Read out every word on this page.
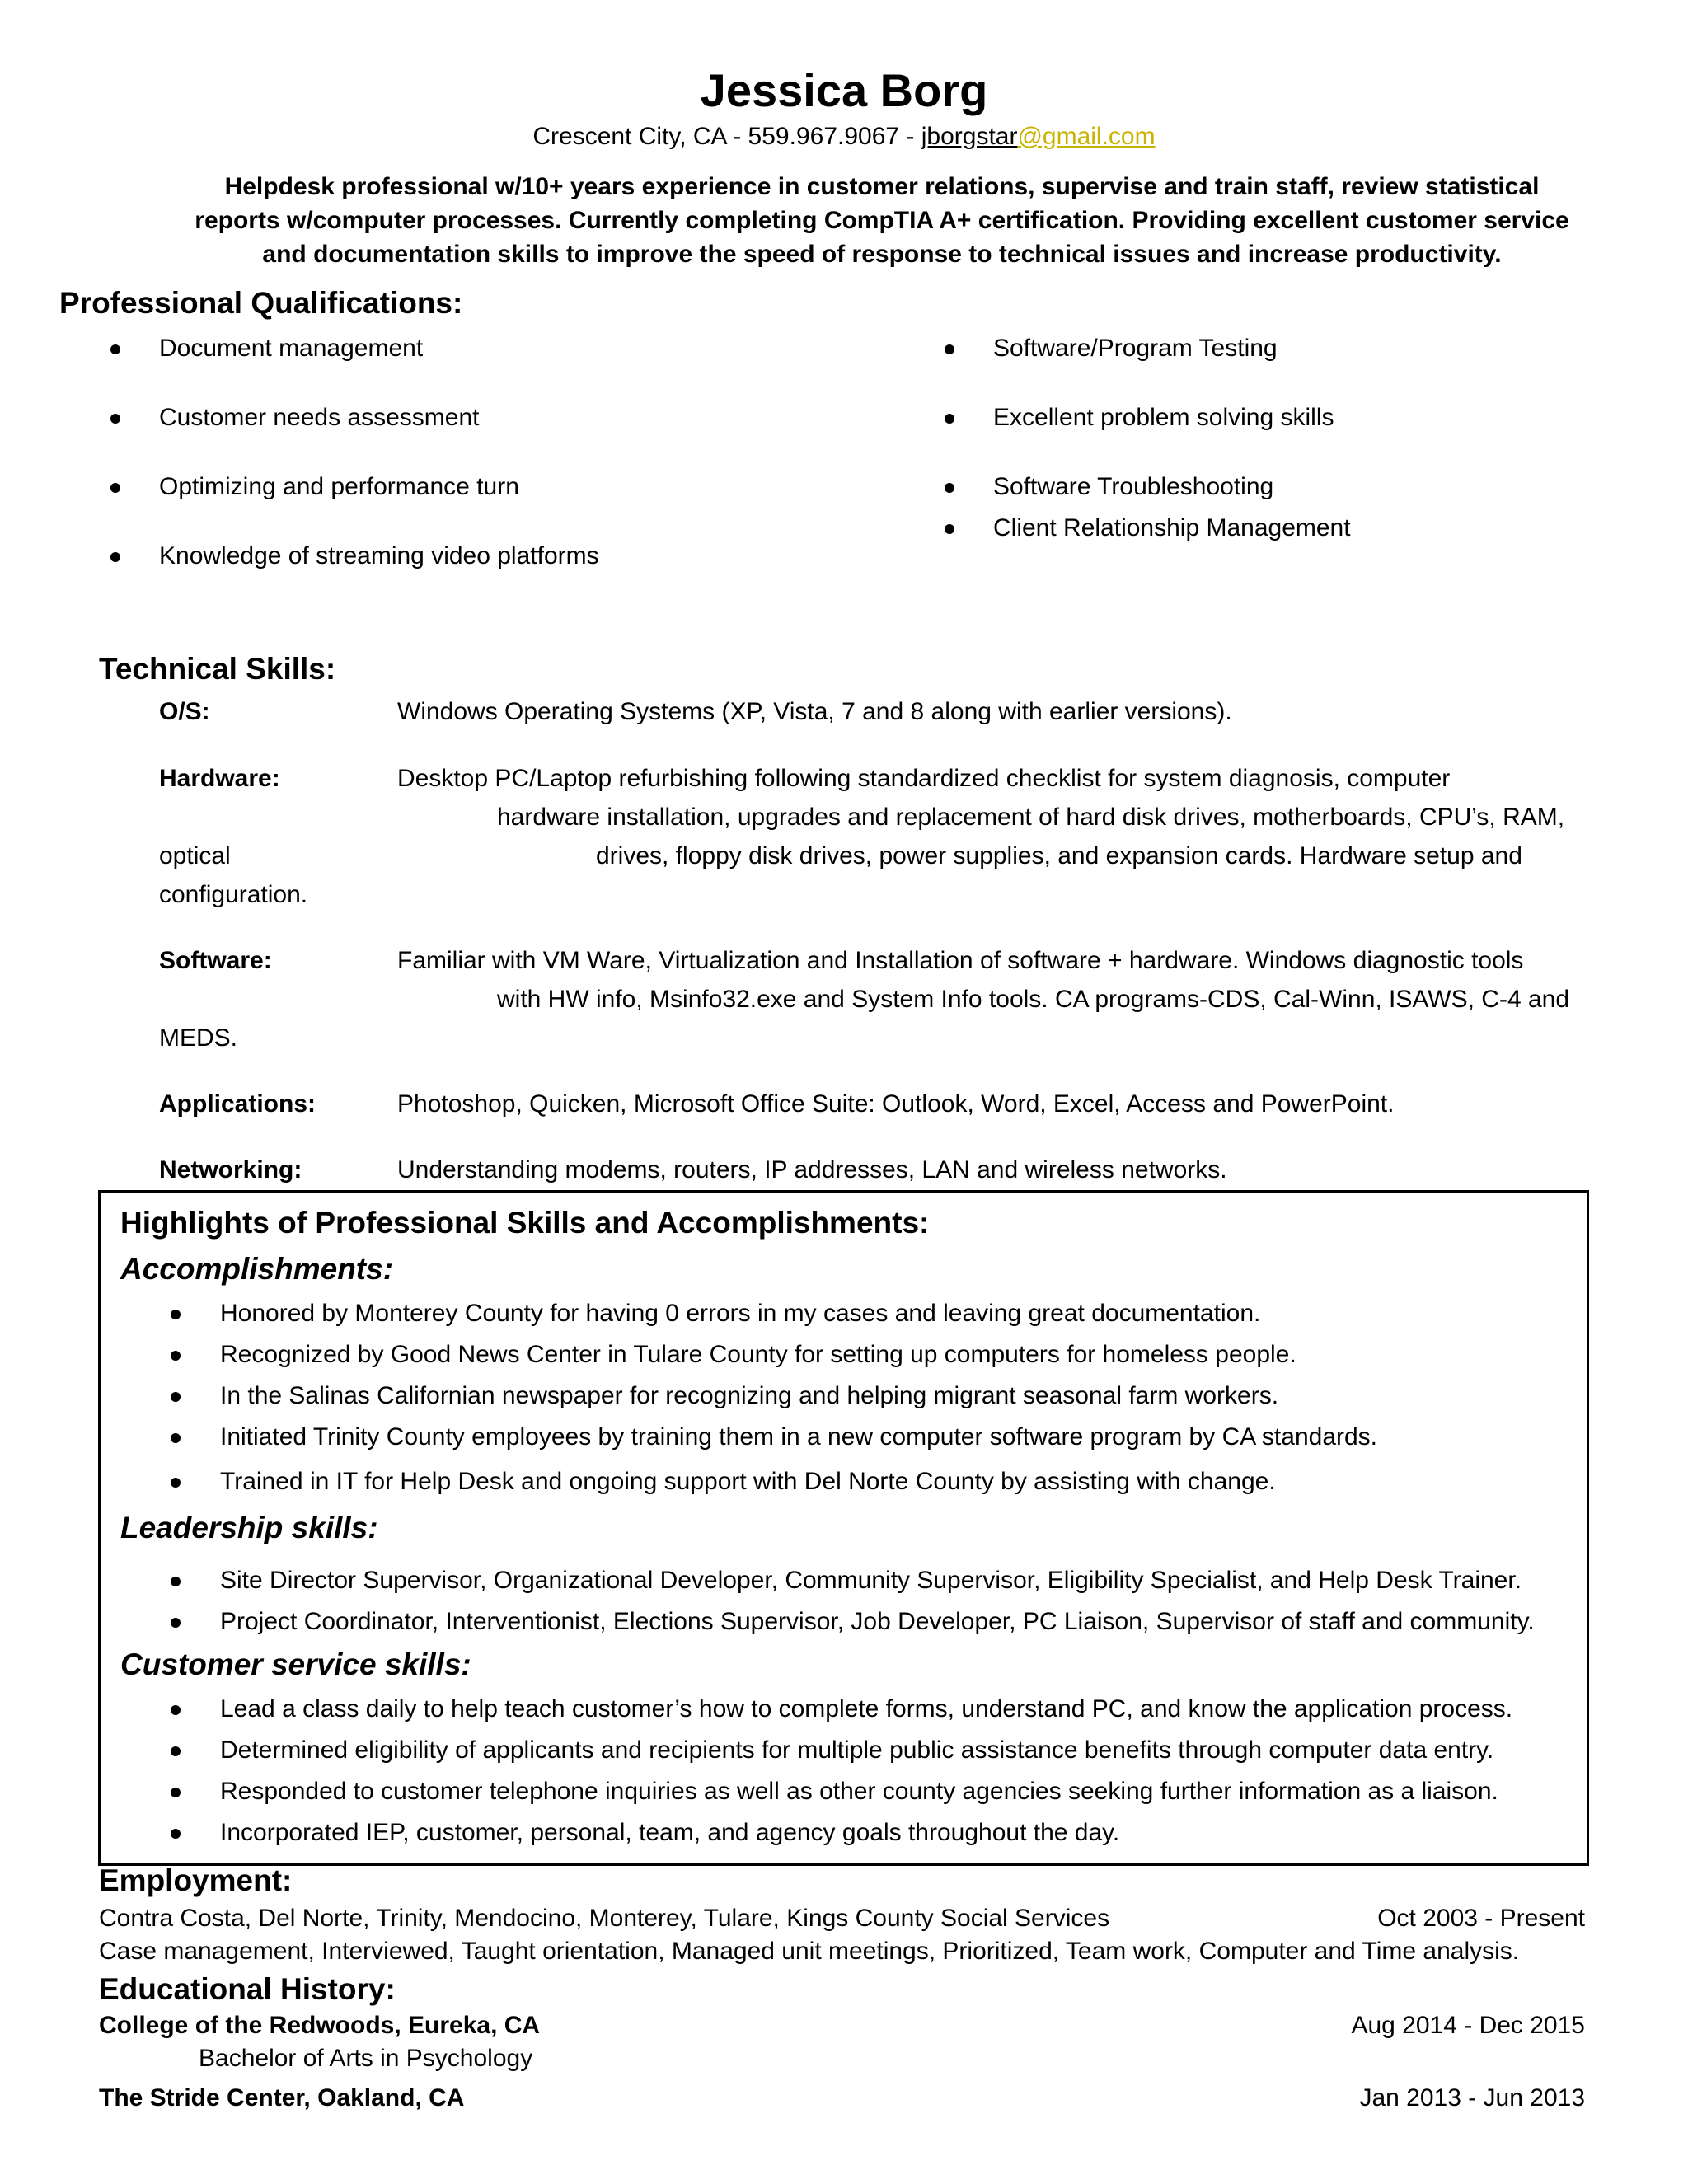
Jessica Borg
Crescent City, CA - 559.967.9067 - jborgstar@gmail.com
Helpdesk professional w/10+ years experience in customer relations, supervise and train staff, review statistical reports w/computer processes. Currently completing CompTIA A+ certification. Providing excellent customer service and documentation skills to improve the speed of response to technical issues and increase productivity.
Professional Qualifications:
Document management
Customer needs assessment
Optimizing and performance turn
Knowledge of streaming video platforms
Software/Program Testing
Excellent problem solving skills
Software Troubleshooting
Client Relationship Management
Technical Skills:
O/S:	Windows Operating Systems (XP, Vista, 7 and 8 along with earlier versions).
Hardware:	Desktop PC/Laptop refurbishing following standardized checklist for system diagnosis, computer
hardware installation, upgrades and replacement of hard disk drives, motherboards, CPU’s, RAM,
optical	drives, floppy disk drives, power supplies, and expansion cards. Hardware setup and
configuration.
Software:	Familiar with VM Ware, Virtualization and Installation of software + hardware. Windows diagnostic tools
with HW info, Msinfo32.exe and System Info tools. CA programs-CDS, Cal-Winn, ISAWS, C-4 and
MEDS.
Applications:	Photoshop, Quicken, Microsoft Office Suite: Outlook, Word, Excel, Access and PowerPoint.
Networking:	Understanding modems, routers, IP addresses, LAN and wireless networks.
Highlights of Professional Skills and Accomplishments:
Accomplishments:
Honored by Monterey County for having 0 errors in my cases and leaving great documentation.
Recognized by Good News Center in Tulare County for setting up computers for homeless people.
In the Salinas Californian newspaper for recognizing and helping migrant seasonal farm workers.
Initiated Trinity County employees by training them in a new computer software program by CA standards.
Trained in IT for Help Desk and ongoing support with Del Norte County by assisting with change.
Leadership skills:
Site Director Supervisor, Organizational Developer, Community Supervisor, Eligibility Specialist, and Help Desk Trainer.
Project Coordinator, Interventionist, Elections Supervisor, Job Developer, PC Liaison, Supervisor of staff and community.
Customer service skills:
Lead a class daily to help teach customer’s how to complete forms, understand PC, and know the application process.
Determined eligibility of applicants and recipients for multiple public assistance benefits through computer data entry.
Responded to customer telephone inquiries as well as other county agencies seeking further information as a liaison.
Incorporated IEP, customer, personal, team, and agency goals throughout the day.
Employment:
Contra Costa, Del Norte, Trinity, Mendocino, Monterey, Tulare, Kings County Social Services	Oct 2003 - Present
Case management, Interviewed, Taught orientation, Managed unit meetings, Prioritized, Team work, Computer and Time analysis.
Educational History:
College of the Redwoods, Eureka, CA	Aug 2014 - Dec 2015
Bachelor of Arts in Psychology
The Stride Center, Oakland, CA	Jan 2013 - Jun 2013
